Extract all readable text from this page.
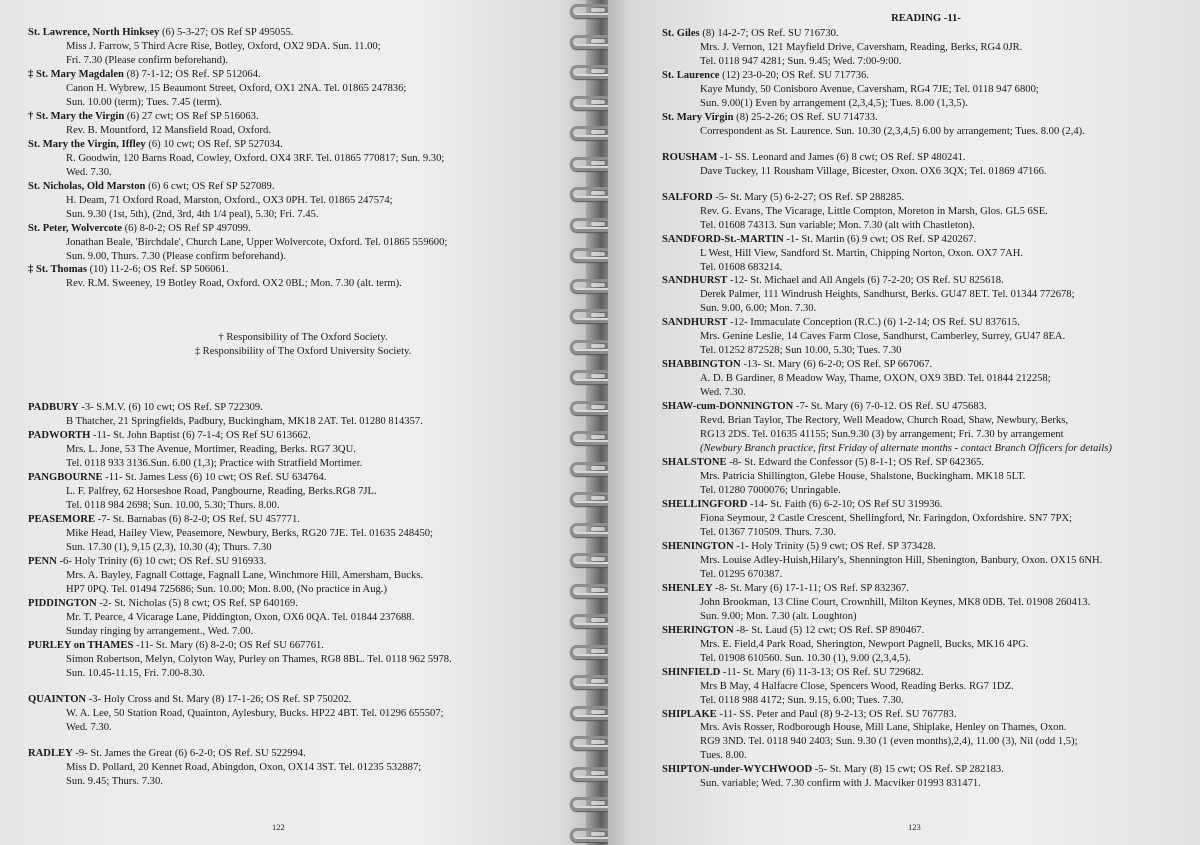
St. Lawrence, North Hinksey (6) 5-3-27; OS Ref SP 495055.
Miss J. Farrow, 5 Third Acre Rise, Botley, Oxford, OX2 9DA. Sun. 11.00;
Fri. 7.30 (Please confirm beforehand).
‡ St. Mary Magdalen (8) 7-1-12; OS Ref. SP 512064.
Canon H. Wybrew, 15 Beaumont Street, Oxford, OX1 2NA. Tel. 01865 247836;
Sun. 10.00 (term); Tues. 7.45 (term).
† St. Mary the Virgin (6) 27 cwt; OS Ref SP 516063.
Rev. B. Mountford, 12 Mansfield Road, Oxford.
St. Mary the Virgin, Iffley (6) 10 cwt; OS Ref. SP 527034.
R. Goodwin, 120 Barns Road, Cowley, Oxford. OX4 3RF. Tel. 01865 770817; Sun. 9.30;
Wed. 7.30.
St. Nicholas, Old Marston (6) 6 cwt; OS Ref SP 527089.
H. Deam, 71 Oxford Road, Marston, Oxford., OX3 0PH. Tel. 01865 247574;
Sun. 9.30 (1st, 5th), (2nd, 3rd, 4th 1/4 peal), 5.30; Fri. 7.45.
St. Peter, Wolvercote (6) 8-0-2; OS Ref SP 497099.
Jonathan Beale, 'Birchdale', Church Lane, Upper Wolvercote, Oxford. Tel. 01865 559600;
Sun. 9.00, Thurs. 7.30 (Please confirm beforehand).
‡ St. Thomas (10) 11-2-6; OS Ref. SP 506061.
Rev. R.M. Sweeney, 19 Botley Road, Oxford. OX2 0BL; Mon. 7.30 (alt. term).
† Responsibility of The Oxford Society.
‡ Responsibility of The Oxford University Society.
PADBURY -3- S.M.V. (6) 10 cwt; OS Ref. SP 722309.
B Thatcher, 21 Springfields, Padbury, Buckingham, MK18 2AT. Tel. 01280 814357.
PADWORTH -11- St. John Baptist (6) 7-1-4; OS Ref SU 613662.
Mrs. L. Jone, 53 The Avenue, Mortimer, Reading, Berks. RG7 3QU.
Tel. 0118 933 3136.Sun. 6.00 (1,3); Practice with Stratfield Mortimer.
PANGBOURNE -11- St. James Less (6) 10 cwt; OS Ref. SU 634764.
L. F. Palfrey, 62 Horseshoe Road, Pangbourne, Reading, Berks.RG8 7JL.
Tel. 0118 984 2698; Sun. 10.00, 5.30; Thurs. 8.00.
PEASEMORE -7- St. Barnabas (6) 8-2-0; OS Ref. SU 457771.
Mike Head, Hailey View, Peasemore, Newbury, Berks, RG20 7JE. Tel. 01635 248450;
Sun. 17.30 (1), 9,15 (2,3), 10.30 (4); Thurs. 7.30
PENN -6- Holy Trinity (6) 10 cwt; OS Ref. SU 916933.
Mrs. A. Bayley, Fagnall Cottage, Fagnall Lane, Winchmore Hill, Amersham, Bucks.
HP7 0PQ. Tel. 01494 725686; Sun. 10.00; Mon. 8.00, (No practice in Aug.)
PIDDINGTON -2- St. Nicholas (5) 8 cwt; OS Ref. SP 640169.
Mr. T. Pearce, 4 Vicarage Lane, Piddington, Oxon, OX6 0QA. Tel. 01844 237688.
Sunday ringing by arrangement., Wed. 7.00.
PURLEY on THAMES -11- St. Mary (6) 8-2-0; OS Ref SU 667761.
Simon Robertson, Melyn, Colyton Way, Purley on Thames, RG8 8BL. Tel. 0118 962 5978.
Sun. 10.45-11.15, Fri. 7.00-8.30.
QUAINTON -3- Holy Cross and St. Mary (8) 17-1-26; OS Ref. SP 750202.
W. A. Lee, 50 Station Road, Quainton, Aylesbury, Bucks. HP22 4BT. Tel. 01296 655507;
Wed. 7.30.
RADLEY -9- St. James the Great (6) 6-2-0; OS Ref. SU 522994.
Miss D. Pollard, 20 Kennet Road, Abingdon, Oxon, OX14 3ST. Tel. 01235 532887;
Sun. 9.45; Thurs. 7.30.
122
READING -11-
St. Giles (8) 14-2-7; OS Ref. SU 716730.
Mrs. J. Vernon, 121 Mayfield Drive, Caversham, Reading, Berks, RG4 0JR.
Tel. 0118 947 4281; Sun. 9.45; Wed. 7:00-9:00.
St. Laurence (12) 23-0-20; OS Ref. SU 717736.
Kaye Mundy, 50 Conisboro Avenue, Caversham, RG4 7JE; Tel. 0118 947 6800;
Sun. 9.00(1) Even by arrangement (2,3,4,5); Tues. 8.00 (1,3,5).
St. Mary Virgin (8) 25-2-26; OS Ref. SU 714733.
Correspondent as St. Laurence. Sun. 10.30 (2,3,4,5) 6.00 by arrangement; Tues. 8.00 (2,4).
ROUSHAM -1- SS. Leonard and James (6) 8 cwt; OS Ref. SP 480241.
Dave Tuckey, 11 Rousham Village, Bicester, Oxon. OX6 3QX; Tel. 01869 47166.
SALFORD -5- St. Mary (5) 6-2-27; OS Ref. SP 288285.
Rev. G. Evans, The Vicarage, Little Compton, Moreton in Marsh, Glos. GL5 6SE.
Tel. 01608 74313. Sun variable; Mon. 7.30 (alt with Chastleton).
SANDFORD-St.-MARTIN -1- St. Martin (6) 9 cwt; OS Ref. SP 420267.
L West, Hill View, Sandford St. Martin, Chipping Norton, Oxon. OX7 7AH.
Tel. 01608 683214.
SANDHURST -12- St. Michael and All Angels (6) 7-2-20; OS Ref. SU 825618.
Derek Palmer, 111 Windrush Heights, Sandhurst, Berks. GU47 8ET. Tel. 01344 772678;
Sun. 9.00, 6.00; Mon. 7.30.
SANDHURST -12- Immaculate Conception (R.C.) (6) 1-2-14; OS Ref. SU 837615.
Mrs. Genine Leslie, 14 Caves Farm Close, Sandhurst, Camberley, Surrey, GU47 8EA.
Tel. 01252 872528; Sun 10.00, 5.30; Tues. 7.30
SHABBINGTON -13- St. Mary (6) 6-2-0; OS Ref. SP 667067.
A. D. B Gardiner, 8 Meadow Way, Thame, OXON, OX9 3BD. Tel. 01844 212258;
Wed. 7.30.
SHAW-cum-DONNINGTON -7- St. Mary (6) 7-0-12. OS Ref. SU 475683.
Revd. Brian Taylor, The Rectory, Well Meadow, Church Road, Shaw, Newbury, Berks,
RG13 2DS. Tel. 01635 41155; Sun.9.30 (3) by arrangement; Fri. 7.30 by arrangement
(Newbury Branch practice, first Friday of alternate months - contact Branch Officers for details)
SHALSTONE -8- St. Edward the Confessor (5) 8-1-1; OS Ref. SP 642365.
Mrs. Patricia Shillington, Glebe House, Shalstone, Buckingham. MK18 5LT.
Tel. 01280 7000076; Unringable.
SHELLINGFORD -14- St. Faith (6) 6-2-10; OS Ref SU 319936.
Fiona Seymour, 2 Castle Crescent, Shellingford, Nr. Faringdon, Oxfordshire. SN7 7PX;
Tel. 01367 710509. Thurs. 7.30.
SHENINGTON -1- Holy Trinity (5) 9 cwt; OS Ref. SP 373428.
Mrs. Louise Adley-Huish,Hilary's, Shennington Hill, Shenington, Banbury, Oxon. OX15 6NH.
Tel. 01295 670387.
SHENLEY -8- St. Mary (6) 17-1-11; OS Ref. SP 832367.
John Brookman, 13 Cline Court, Crownhill, Milton Keynes, MK8 0DB. Tel. 01908 260413.
Sun. 9.00; Mon. 7.30 (alt. Loughton)
SHERINGTON -8- St. Laud (5) 12 cwt; OS Ref. SP 890467.
Mrs. E. Field,4 Park Road, Sherington, Newport Pagnell, Bucks, MK16 4PG.
Tel. 01908 610560. Sun. 10.30 (1), 9.00 (2,3,4,5).
SHINFIELD -11- St. Mary (6) 11-3-13; OS Ref. SU 729682.
Mrs B May, 4 Halfacre Close, Spencers Wood, Reading Berks. RG7 1DZ.
Tel. 0118 988 4172; Sun. 9.15, 6.00; Tues. 7.30.
SHIPLAKE -11- SS. Peter and Paul (8) 9-2-13; OS Ref. SU 767783.
Mrs. Avis Rosser, Rodborough House, Mill Lane, Shiplake, Henley on Thames, Oxon.
RG9 3ND. Tel. 0118 940 2403; Sun. 9.30 (1 (even months),2,4), 11.00 (3), Nil (odd 1,5);
Tues. 8.00.
SHIPTON-under-WYCHWOOD -5- St. Mary (8) 15 cwt; OS Ref. SP 282183.
Sun. variable; Wed. 7.30 confirm with J. Macviker 01993 831471.
123
